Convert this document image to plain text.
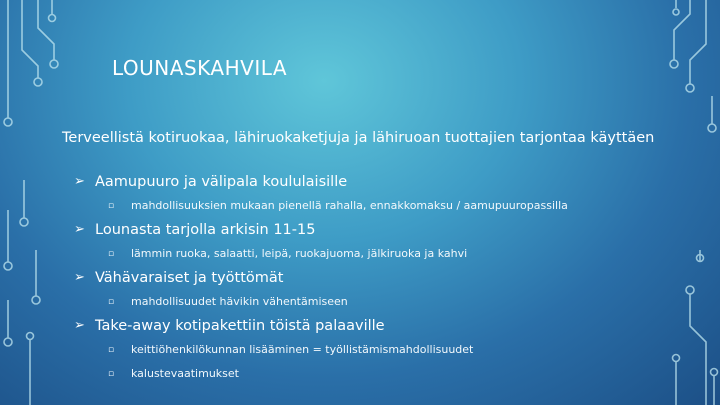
LOUNASKAHVILA
Terveellistä kotiruokaa, lähiruokaketjuja ja lähiruoan tuottajien tarjontaa käyttäen
➢ Aamupuuro ja välipala koululaisille
▫ mahdollisuuksien mukaan pienellä rahalla, ennakkomaksu / aamupuuropassilla
➢ Lounasta tarjolla arkisin 11-15
▫ lämmin ruoka, salaatti, leipä, ruokajuoma, jälkiruoka ja kahvi
➢ Vähävaraiset ja työttömät
▫ mahdollisuudet hävikin vähentämiseen
➢ Take-away kotipakettiin töistä palaaville
▫ keittiöhenkilökunnan lisääminen = työllistämismahdollisuudet
▫ kalustevaatimukset
